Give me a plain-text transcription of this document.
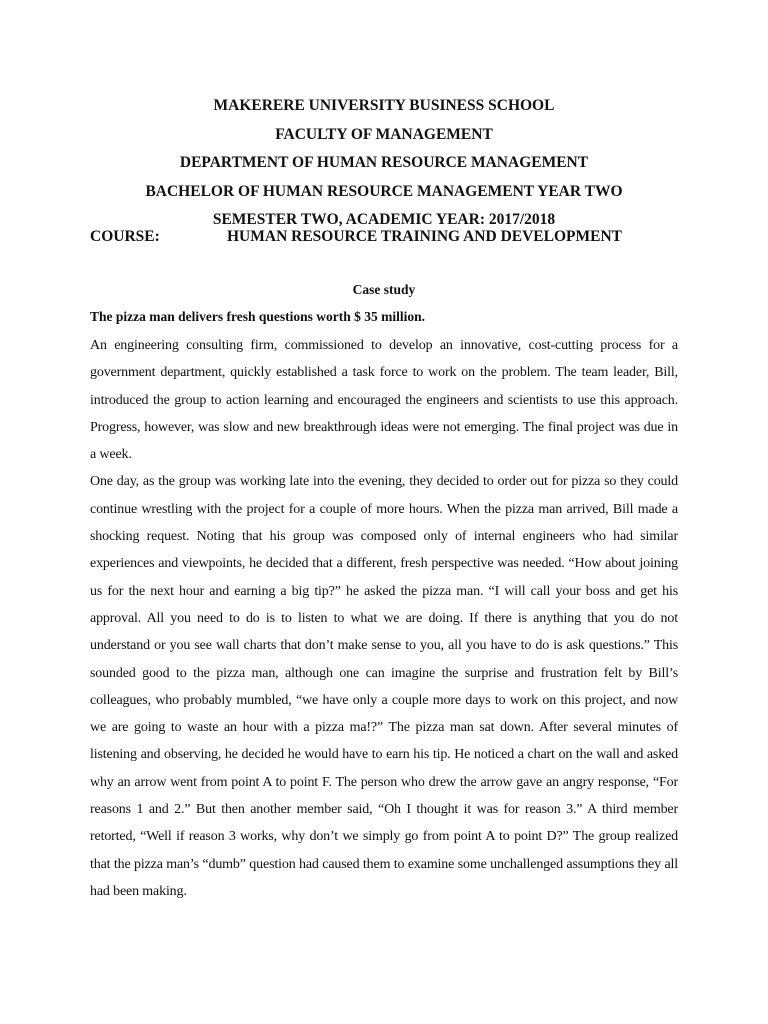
MAKERERE UNIVERSITY BUSINESS SCHOOL
FACULTY OF MANAGEMENT
DEPARTMENT OF HUMAN RESOURCE MANAGEMENT
BACHELOR OF HUMAN RESOURCE MANAGEMENT YEAR TWO
SEMESTER TWO, ACADEMIC YEAR: 2017/2018
COURSE:	HUMAN RESOURCE TRAINING AND DEVELOPMENT
Case study
The pizza man delivers fresh questions worth $ 35 million.

An engineering consulting firm, commissioned to develop an innovative, cost-cutting process for a government department, quickly established a task force to work on the problem. The team leader, Bill, introduced the group to action learning and encouraged the engineers and scientists to use this approach. Progress, however, was slow and new breakthrough ideas were not emerging. The final project was due in a week.

One day, as the group was working late into the evening, they decided to order out for pizza so they could continue wrestling with the project for a couple of more hours. When the pizza man arrived, Bill made a shocking request. Noting that his group was composed only of internal engineers who had similar experiences and viewpoints, he decided that a different, fresh perspective was needed. “How about joining us for the next hour and earning a big tip?” he asked the pizza man. “I will call your boss and get his approval. All you need to do is to listen to what we are doing. If there is anything that you do not understand or you see wall charts that don’t make sense to you, all you have to do is ask questions.” This sounded good to the pizza man, although one can imagine the surprise and frustration felt by Bill’s colleagues, who probably mumbled, “we have only a couple more days to work on this project, and now we are going to waste an hour with a pizza ma!?” The pizza man sat down. After several minutes of listening and observing, he decided he would have to earn his tip. He noticed a chart on the wall and asked why an arrow went from point A to point F. The person who drew the arrow gave an angry response, “For reasons 1 and 2.” But then another member said, “Oh I thought it was for reason 3.” A third member retorted, “Well if reason 3 works, why don’t we simply go from point A to point D?” The group realized that the pizza man’s “dumb” question had caused them to examine some unchallenged assumptions they all had been making.
